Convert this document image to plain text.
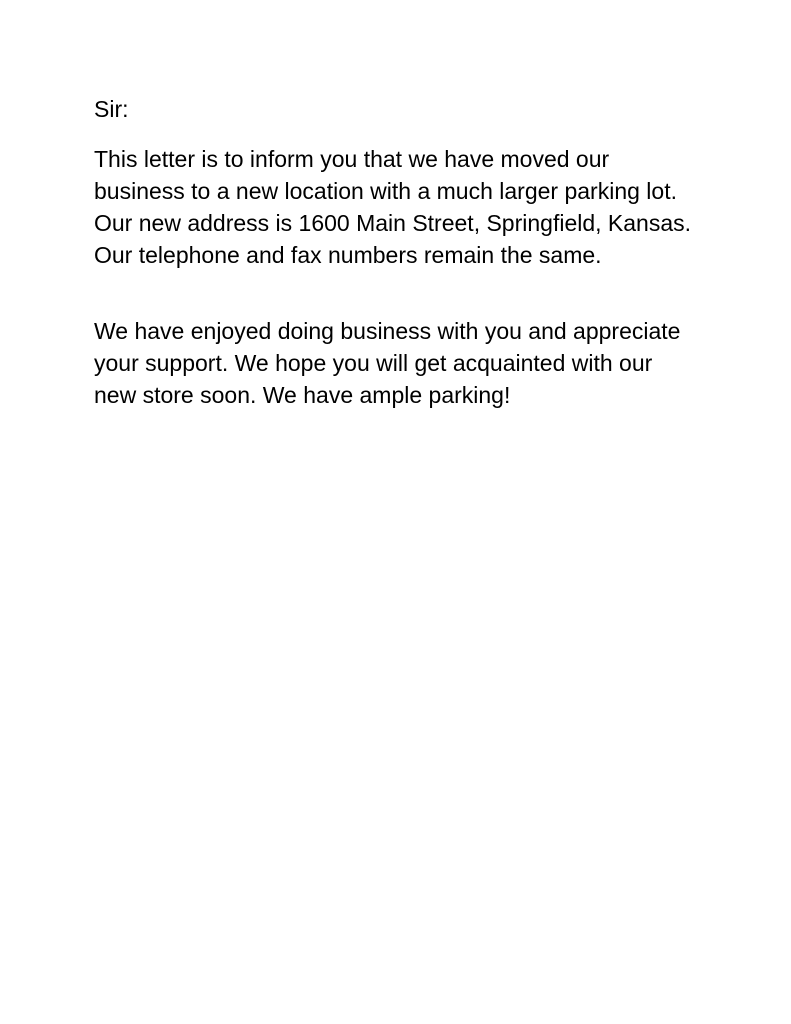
Sir:

This letter is to inform you that we have moved our
business to a new location with a much larger parking lot.
Our new address is 1600 Main Street, Springfield, Kansas.
Our telephone and fax numbers remain the same.

We have enjoyed doing business with you and appreciate
your support. We hope you will get acquainted with our
new store soon. We have ample parking!
